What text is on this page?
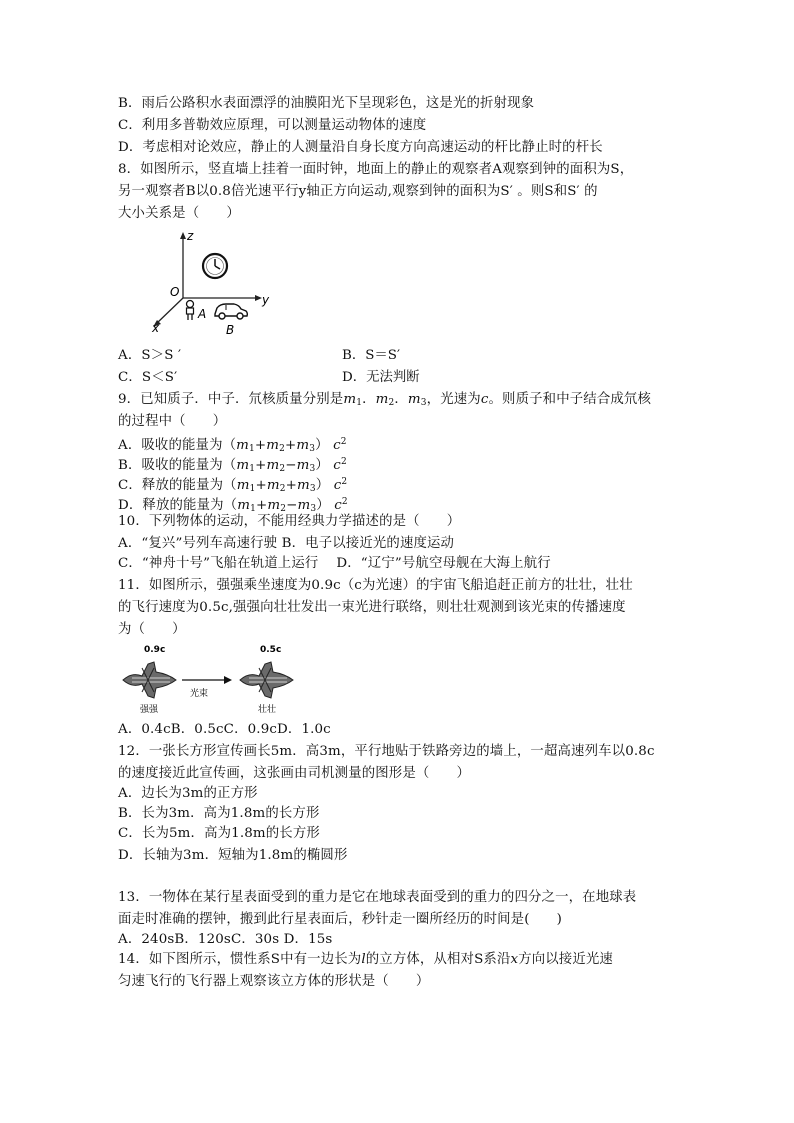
B．雨后公路积水表面漂浮的油膜阳光下呈现彩色，这是光的折射现象
C．利用多普勒效应原理，可以测量运动物体的速度
D．考虑相对论效应，静止的人测量沿自身长度方向高速运动的杆比静止时的杆长
8．如图所示，竖直墙上挂着一面时钟，地面上的静止的观察者A观察到钟的面积为S，
另一观察者B以0.8倍光速平行y轴正方向运动,观察到钟的面积为S′ 。则S和S′ 的
大小关系是（　　）
z
y
x
O
A
B
A．S＞S ′	B．S＝S′
C．S＜S′	D．无法判断
9．已知质子．中子．氘核质量分别是$m_1$．$m_2$．$m_3$，光速为c。则质子和中子结合成氘核
的过程中（　　）
A．吸收的能量为$(m_1+m_2+m_3)$ $c^2$
B．吸收的能量为$(m_1+m_2-m_3)$ $c^2$
C．释放的能量为$(m_1+m_2+m_3)$ $c^2$
D．释放的能量为$(m_1+m_2-m_3)$ $c^2$
10．下列物体的运动，不能用经典力学描述的是（　　）
A．“复兴”号列车高速行驶 B．电子以接近光的速度运动
C．“神舟十号”飞船在轨道上运行　 D．“辽宁”号航空母舰在大海上航行
11．如图所示，强强乘坐速度为0.9c（c为光速）的宇宙飞船追赶正前方的壮壮，壮壮
的飞行速度为0.5c,强强向壮壮发出一束光进行联络，则壮壮观测到该光束的传播速度
为（　　）
0.9c	0.5c
光束
强强	壮壮
A．0.4cB．0.5cC．0.9cD．1.0c
12．一张长方形宣传画长5m．高3m，平行地贴于铁路旁边的墙上，一超高速列车以0.8c
的速度接近此宣传画，这张画由司机测量的图形是（　　）
A．边长为3m的正方形
B．长为3m．高为1.8m的长方形
C．长为5m．高为1.8m的长方形
D．长轴为3m．短轴为1.8m的椭圆形
13．一物体在某行星表面受到的重力是它在地球表面受到的重力的四分之一，在地球表
面走时准确的摆钟，搬到此行星表面后，秒针走一圈所经历的时间是(　　)
A．240sB．120sC．30s D．15s
14．如下图所示，惯性系S中有一边长为l的立方体，从相对S系沿x方向以接近光速
匀速飞行的飞行器上观察该立方体的形状是（　　）
